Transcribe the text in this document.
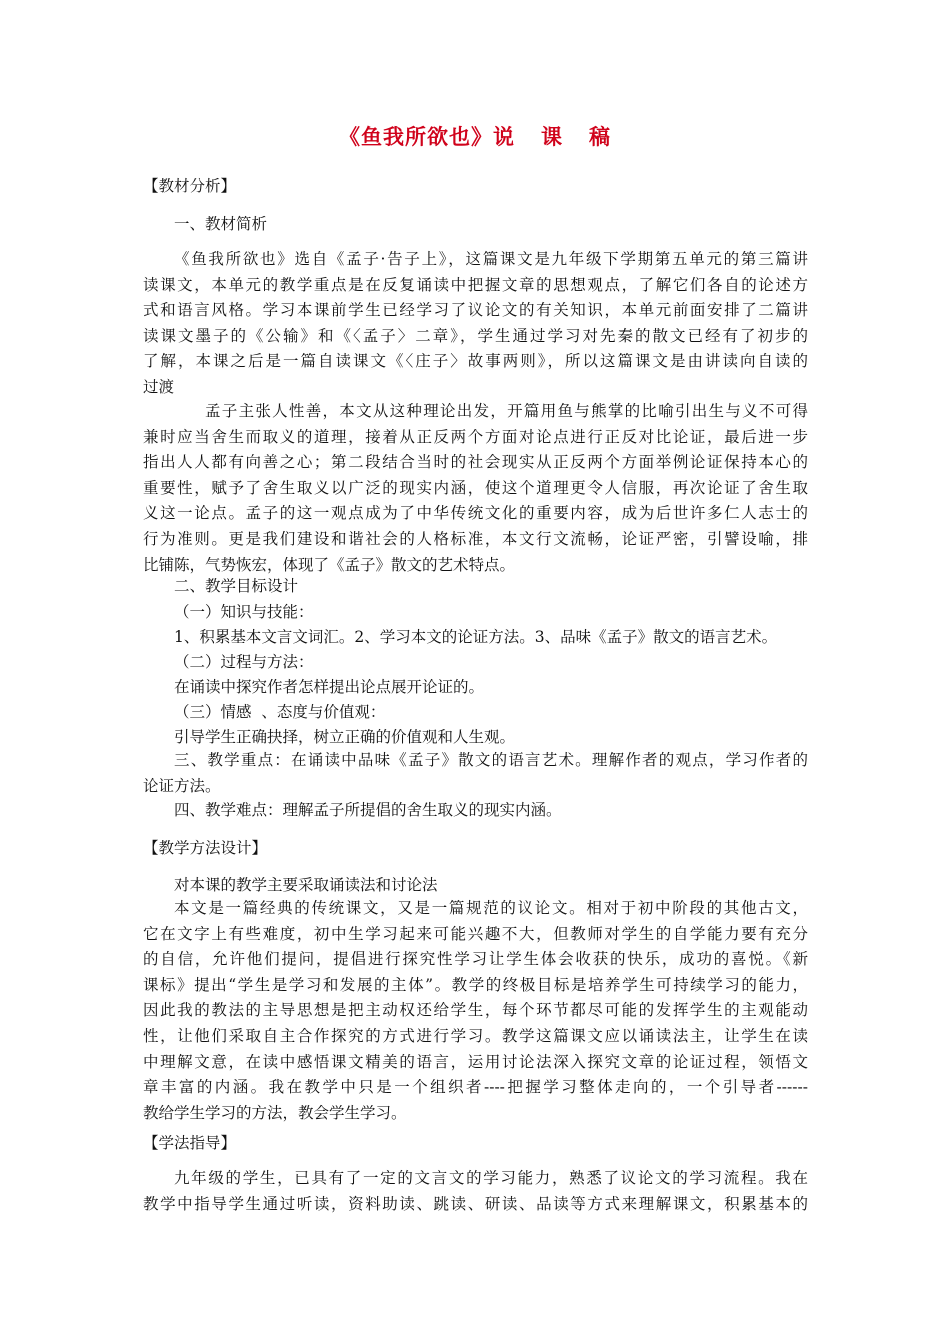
《鱼我所欲也》说 课 稿
【教材分析】
一、教材简析
《鱼我所欲也》选自《孟子·告子上》，这篇课文是九年级下学期第五单元的第三篇讲
读课文，本单元的教学重点是在反复诵读中把握文章的思想观点，了解它们各自的论述方
式和语言风格。学习本课前学生已经学习了议论文的有关知识，本单元前面安排了二篇讲
读课文墨子的《公输》和《〈孟子〉二章》，学生通过学习对先秦的散文已经有了初步的
了解，本课之后是一篇自读课文《〈庄子〉故事两则》，所以这篇课文是由讲读向自读的
过渡
孟子主张人性善，本文从这种理论出发，开篇用鱼与熊掌的比喻引出生与义不可得
兼时应当舍生而取义的道理，接着从正反两个方面对论点进行正反对比论证，最后进一步
指出人人都有向善之心；第二段结合当时的社会现实从正反两个方面举例论证保持本心的
重要性，赋予了舍生取义以广泛的现实内涵，使这个道理更令人信服，再次论证了舍生取
义这一论点。孟子的这一观点成为了中华传统文化的重要内容，成为后世许多仁人志士的
行为准则。更是我们建设和谐社会的人格标准，本文行文流畅，论证严密，引譬设喻，排
比铺陈，气势恢宏，体现了《孟子》散文的艺术特点。
二、教学目标设计
（一）知识与技能：
1、积累基本文言文词汇。2、学习本文的论证方法。3、品味《孟子》散文的语言艺术。
（二）过程与方法：
在诵读中探究作者怎样提出论点展开论证的。
（三）情感  、态度与价值观：
引导学生正确抉择，树立正确的价值观和人生观。
三、教学重点：在诵读中品味《孟子》散文的语言艺术。理解作者的观点，学习作者的
论证方法。
四、教学难点：理解孟子所提倡的舍生取义的现实内涵。
【教学方法设计】
对本课的教学主要采取诵读法和讨论法
本文是一篇经典的传统课文，又是一篇规范的议论文。相对于初中阶段的其他古文，
它在文字上有些难度，初中生学习起来可能兴趣不大，但教师对学生的自学能力要有充分
的自信，允许他们提问，提倡进行探究性学习让学生体会收获的快乐，成功的喜悦。《新
课标》提出“学生是学习和发展的主体”。教学的终极目标是培养学生可持续学习的能力，
因此我的教法的主导思想是把主动权还给学生，每个环节都尽可能的发挥学生的主观能动
性，让他们采取自主合作探究的方式进行学习。教学这篇课文应以诵读法主，让学生在读
中理解文意，在读中感悟课文精美的语言，运用讨论法深入探究文章的论证过程，领悟文
章丰富的内涵。我在教学中只是一个组织者----把握学习整体走向的，一个引导者------
教给学生学习的方法，教会学生学习。
【学法指导】
九年级的学生，已具有了一定的文言文的学习能力，熟悉了议论文的学习流程。我在
教学中指导学生通过听读，资料助读、跳读、研读、品读等方式来理解课文，积累基本的
